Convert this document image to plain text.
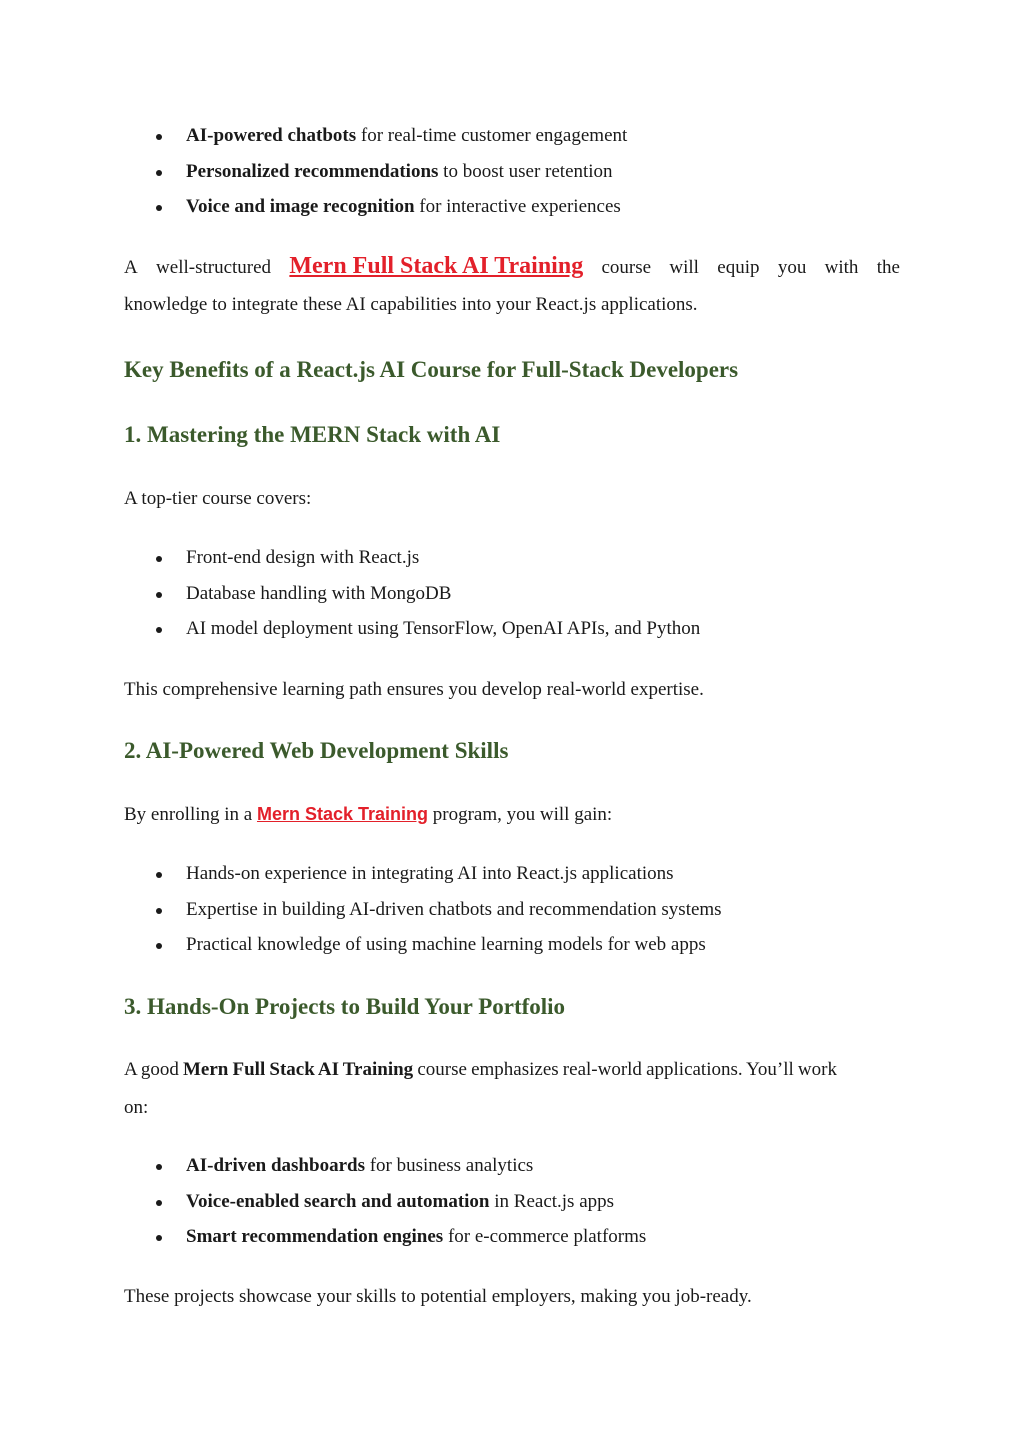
AI-powered chatbots for real-time customer engagement
Personalized recommendations to boost user retention
Voice and image recognition for interactive experiences
A well-structured Mern Full Stack AI Training course will equip you with the
knowledge to integrate these AI capabilities into your React.js applications.
Key Benefits of a React.js AI Course for Full-Stack Developers
1. Mastering the MERN Stack with AI

A top-tier course covers:

Front-end design with React.js
Database handling with MongoDB
AI model deployment using TensorFlow, OpenAI APIs, and Python

This comprehensive learning path ensures you develop real-world expertise.

2. AI-Powered Web Development Skills

By enrolling in a Mern Stack Training program, you will gain:

Hands-on experience in integrating AI into React.js applications
Expertise in building AI-driven chatbots and recommendation systems
Practical knowledge of using machine learning models for web apps
3. Hands-On Projects to Build Your Portfolio
A good Mern Full Stack AI Training course emphasizes real-world applications. You’ll work
on:
AI-driven dashboards for business analytics
Voice-enabled search and automation in React.js apps
Smart recommendation engines for e-commerce platforms

These projects showcase your skills to potential employers, making you job-ready.
